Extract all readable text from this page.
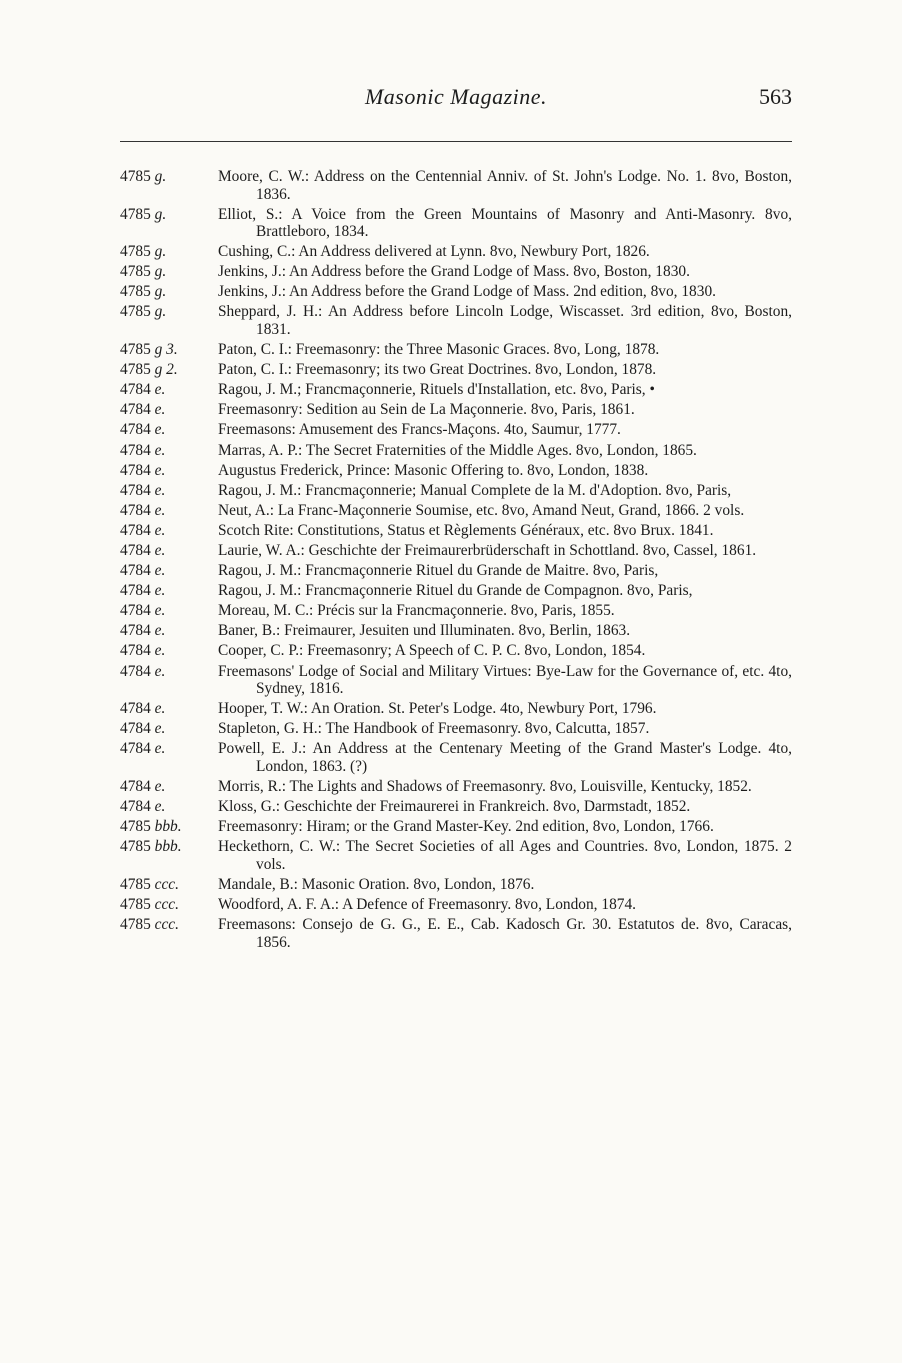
Masonic Magazine.	563
4785 g.	Moore, C. W.: Address on the Centennial Anniv. of St. John's Lodge. No. 1. 8vo, Boston, 1836.
4785 g.	Elliot, S.: A Voice from the Green Mountains of Masonry and Anti-Masonry. 8vo, Brattleboro, 1834.
4785 g.	Cushing, C.: An Address delivered at Lynn. 8vo, Newbury Port, 1826.
4785 g.	Jenkins, J.: An Address before the Grand Lodge of Mass. 8vo, Boston, 1830.
4785 g.	Jenkins, J.: An Address before the Grand Lodge of Mass. 2nd edition, 8vo, 1830.
4785 g.	Sheppard, J. H.: An Address before Lincoln Lodge, Wiscasset. 3rd edition, 8vo, Boston, 1831.
4785 g 3.	Paton, C. I.: Freemasonry: the Three Masonic Graces. 8vo, Long, 1878.
4785 g 2.	Paton, C. I.: Freemasonry; its two Great Doctrines. 8vo, London, 1878.
4784 e.	Ragou, J. M.; Francmaçonnerie, Rituels d'Installation, etc. 8vo, Paris, •
4784 e.	Freemasonry: Sedition au Sein de La Maçonnerie. 8vo, Paris, 1861.
4784 e.	Freemasons: Amusement des Francs-Maçons. 4to, Saumur, 1777.
4784 e.	Marras, A. P.: The Secret Fraternities of the Middle Ages. 8vo, London, 1865.
4784 e.	Augustus Frederick, Prince: Masonic Offering to. 8vo, London, 1838.
4784 e.	Ragou, J. M.: Francmaçonnerie; Manual Complete de la M. d'Adoption. 8vo, Paris,
4784 e.	Neut, A.: La Franc-Maçonnerie Soumise, etc. 8vo, Amand Neut, Grand, 1866. 2 vols.
4784 e.	Scotch Rite: Constitutions, Status et Règlements Généraux, etc. 8vo Brux. 1841.
4784 e.	Laurie, W. A.: Geschichte der Freimaurerbrüderschaft in Schottland. 8vo, Cassel, 1861.
4784 e.	Ragou, J. M.: Francmaçonnerie Rituel du Grande de Maitre. 8vo, Paris,
4784 e.	Ragou, J. M.: Francmaçonnerie Rituel du Grande de Compagnon. 8vo, Paris,
4784 e.	Moreau, M. C.: Précis sur la Francmaçonnerie. 8vo, Paris, 1855.
4784 e.	Baner, B.: Freimaurer, Jesuiten und Illuminaten. 8vo, Berlin, 1863.
4784 e.	Cooper, C. P.: Freemasonry; A Speech of C. P. C. 8vo, London, 1854.
4784 e.	Freemasons' Lodge of Social and Military Virtues: Bye-Law for the Governance of, etc. 4to, Sydney, 1816.
4784 e.	Hooper, T. W.: An Oration. St. Peter's Lodge. 4to, Newbury Port, 1796.
4784 e.	Stapleton, G. H.: The Handbook of Freemasonry. 8vo, Calcutta, 1857.
4784 e.	Powell, E. J.: An Address at the Centenary Meeting of the Grand Master's Lodge. 4to, London, 1863. (?)
4784 e.	Morris, R.: The Lights and Shadows of Freemasonry. 8vo, Louisville, Kentucky, 1852.
4784 e.	Kloss, G.: Geschichte der Freimaurerei in Frankreich. 8vo, Darmstadt, 1852.
4785 bbb.	Freemasonry: Hiram; or the Grand Master-Key. 2nd edition, 8vo, London, 1766.
4785 bbb.	Heckethorn, C. W.: The Secret Societies of all Ages and Countries. 8vo, London, 1875. 2 vols.
4785 ccc.	Mandale, B.: Masonic Oration. 8vo, London, 1876.
4785 ccc.	Woodford, A. F. A.: A Defence of Freemasonry. 8vo, London, 1874.
4785 ccc.	Freemasons: Consejo de G. G., E. E., Cab. Kadosch Gr. 30. Estatutos de. 8vo, Caracas, 1856.
